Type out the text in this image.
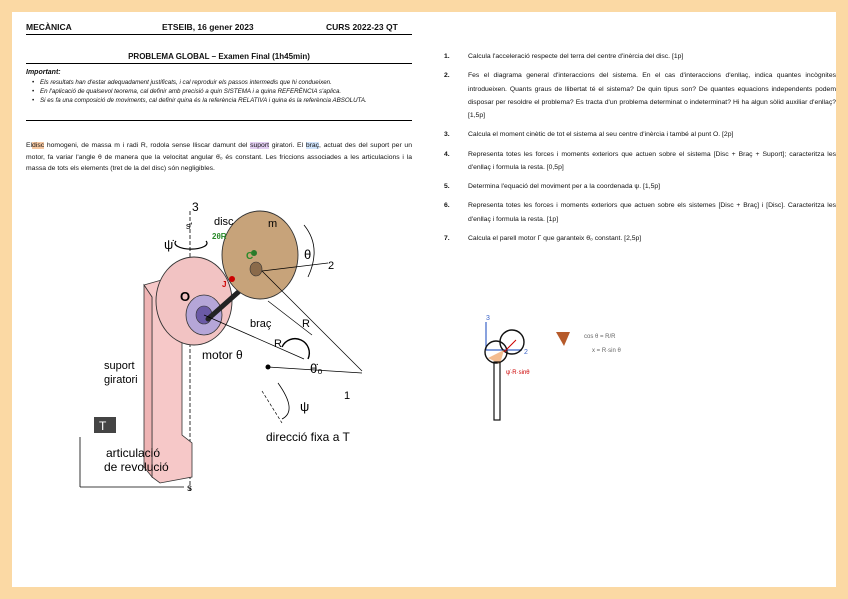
MECÀNICA	ETSEIB, 16 gener 2023	CURS 2022-23 QT
PROBLEMA GLOBAL – Examen Final (1h45min)
Important:
• Els resultats han d'estar adequadament justificats, i cal reproduir els passos intermedis que hi condueixen.
• En l'aplicació de qualsevol teorema, cal definir amb precisió a quin SISTEMA i a quina REFERÈNCIA s'aplica.
• Si es fa una composició de moviments, cal definir quina és la referència RELATIVA i quina és la referència ABSOLUTA.
Eldisc homogeni, de massa m i radi R, rodola sense lliscar damunt del suport giratori. El braç, actuat des del suport per un motor, fa variar l'angle θ de manera que la velocitat angular θ̇₀ és constant. Les friccions associades a les articulacions i la massa de tots els elements (tret de la del disc) són negligibles.
T
3
s'
ψ̇
disc	m
2θR
C	θ
2
O
J
braç	R
R
suport
giratori
motor θ
θ̇₀
1
ψ
direcció fixa a T
articulació
de revolució
s
1.	Calcula l'acceleració respecte del terra del centre d'inèrcia del disc. [1p]
2.	Fes el diagrama general d'interaccions del sistema. En el cas d'interaccions d'enllaç, indica quantes incògnites introdueixen. Quants graus de llibertat té el sistema? De quin tipus son? De quantes equacions independents podem disposar per resoldre el problema? Es tracta d'un problema determinat o indeterminat? Hi ha algun sòlid auxiliar d'enllaç? [1,5p]
3.	Calcula el moment cinètic de tot el sistema al seu centre d'inèrcia i també al punt O. [2p]
4.	Representa totes les forces i moments exteriors que actuen sobre el sistema [Disc + Braç + Suport]; caracteritza les d'enllaç i formula la resta. [0,5p]
5.	Determina l'equació del moviment per a la coordenada ψ. [1,5p]
6.	Representa totes les forces i moments exteriors que actuen sobre els sistemes [Disc + Braç] i [Disc]. Caracteritza les d'enllaç i formula la resta. [1p]
7.	Calcula el parell motor Γ que garanteix θ̇₀ constant. [2,5p]
3
2
ψ̇·R·sinθ
cos θ = R/R
x = R·sin θ
